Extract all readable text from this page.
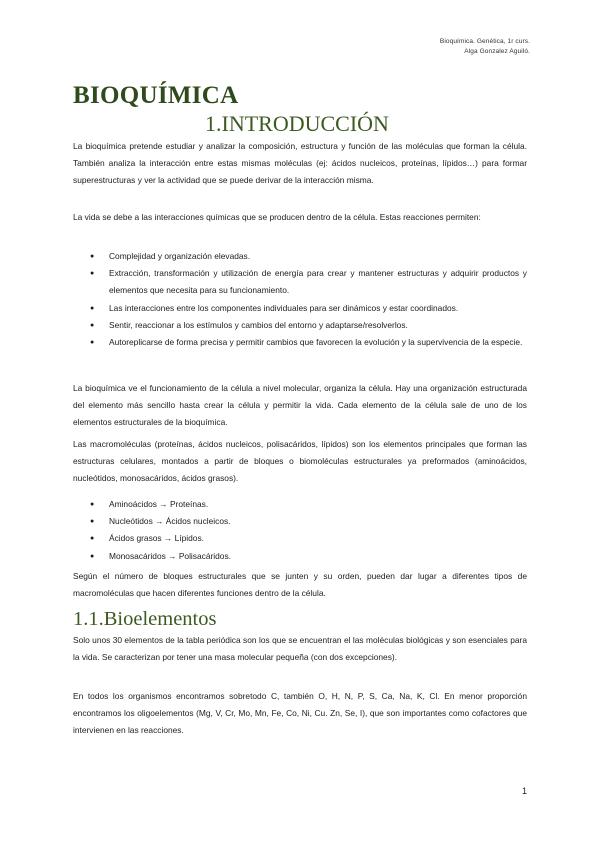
Bioquímica. Genética, 1r curs.
Alga Gonzalez Aguiló.
BIOQUÍMICA
1.INTRODUCCIÓN

La bioquímica pretende estudiar y analizar la composición, estructura y función de las moléculas que forman la célula. También analiza la interacción entre estas mismas moléculas (ej: ácidos nucleicos, proteínas, lípidos…) para formar superestructuras y ver la actividad que se puede derivar de la interacción misma.

La vida se debe a las interacciones químicas que se producen dentro de la célula. Estas reacciones permiten:

● Complejidad y organización elevadas.
● Extracción, transformación y utilización de energía para crear y mantener estructuras y adquirir productos y elementos que necesita para su funcionamiento.
● Las interacciones entre los componentes individuales para ser dinámicos y estar coordinados.
● Sentir, reaccionar a los estímulos y cambios del entorno y adaptarse/resolverlos.
● Autoreplicarse de forma precisa y permitir cambios que favorecen la evolución y la supervivencia de la especie.

La bioquímica ve el funcionamiento de la célula a nivel molecular, organiza la célula. Hay una organización estructurada del elemento más sencillo hasta crear la célula y permitir la vida. Cada elemento de la célula sale de uno de los elementos estructurales de la bioquímica.

Las macromoléculas (proteínas, ácidos nucleicos, polisacáridos, lípidos) son los elementos principales que forman las estructuras celulares, montados a partir de bloques o biomoléculas estructurales ya preformados (aminoácidos, nucleótidos, monosacáridos, ácidos grasos).

● Aminoácidos → Proteínas.
● Nucleótidos → Ácidos nucleicos.
● Ácidos grasos → Lípidos.
● Monosacáridos → Polisacáridos.

Según el número de bloques estructurales que se junten y su orden, pueden dar lugar a diferentes tipos de macromoléculas que hacen diferentes funciones dentro de la célula.

1.1.Bioelementos

Solo unos 30 elementos de la tabla periódica son los que se encuentran el las moléculas biológicas y son esenciales para la vida. Se caracterizan por tener una masa molecular pequeña (con dos excepciones).

En todos los organismos encontramos sobretodo C, también O, H, N, P, S, Ca, Na, K, Cl. En menor proporción encontramos los oligoelementos (Mg, V, Cr, Mo, Mn, Fe, Co, Ni, Cu. Zn, Se, I), que son importantes como cofactores que intervienen en las reacciones.

1
